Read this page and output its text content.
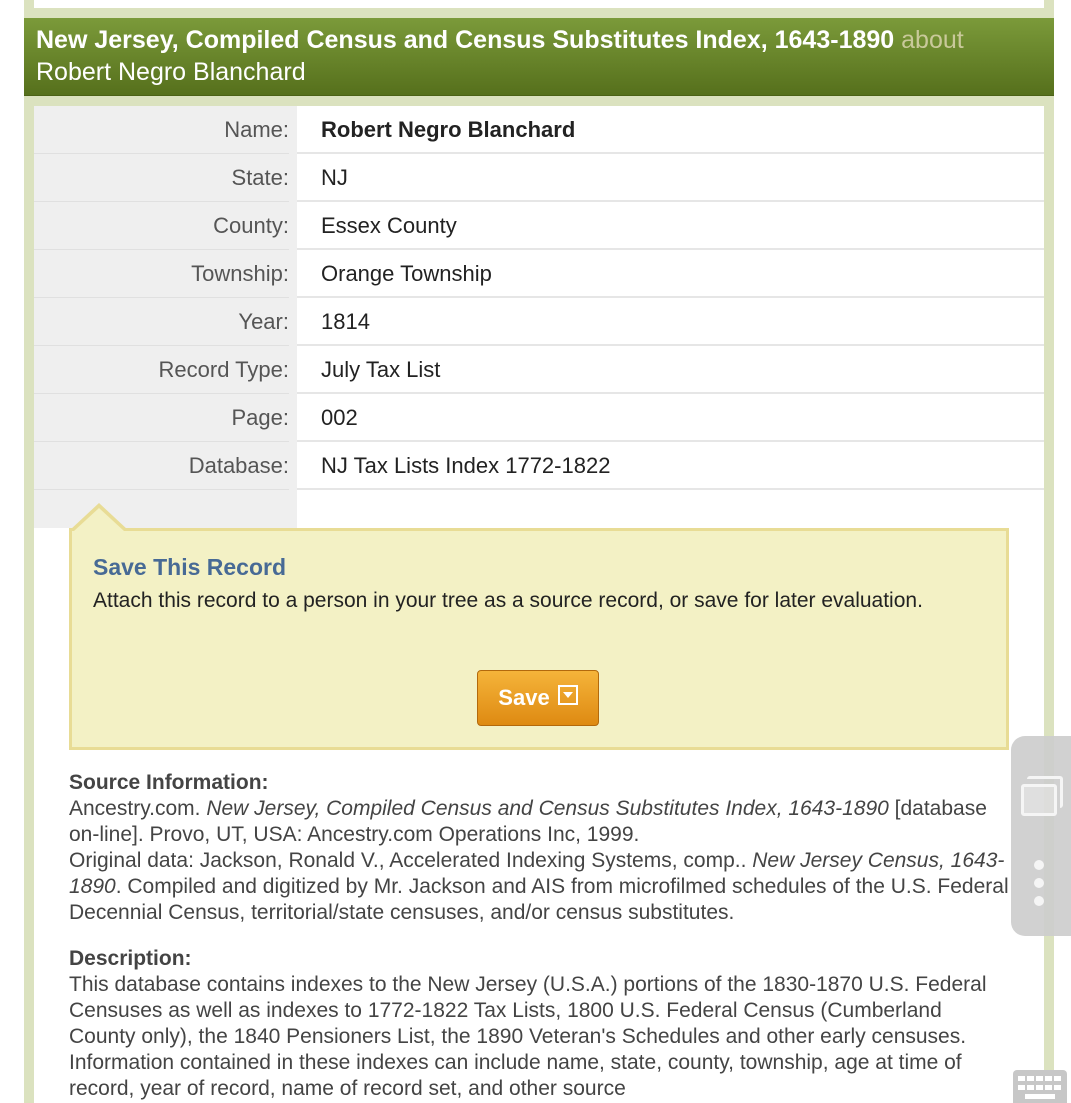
New Jersey, Compiled Census and Census Substitutes Index, 1643-1890 about Robert Negro Blanchard
Name: Robert Negro Blanchard
State: NJ
County: Essex County
Township: Orange Township
Year: 1814
Record Type: July Tax List
Page: 002
Database: NJ Tax Lists Index 1772-1822
Save This Record
Attach this record to a person in your tree as a source record, or save for later evaluation.
Save
Source Information:

Ancestry.com. New Jersey, Compiled Census and Census Substitutes Index, 1643-1890 [database on-line]. Provo, UT, USA: Ancestry.com Operations Inc, 1999.

Original data: Jackson, Ronald V., Accelerated Indexing Systems, comp.. New Jersey Census, 1643-1890. Compiled and digitized by Mr. Jackson and AIS from microfilmed schedules of the U.S. Federal Decennial Census, territorial/state censuses, and/or census substitutes.

Description:
This database contains indexes to the New Jersey (U.S.A.) portions of the 1830-1870 U.S. Federal Censuses as well as indexes to 1772-1822 Tax Lists, 1800 U.S. Federal Census (Cumberland County only), the 1840 Pensioners List, the 1890 Veteran's Schedules and other early censuses. Information contained in these indexes can include name, state, county, township, age at time of record, year of record, name of record set, and other source
